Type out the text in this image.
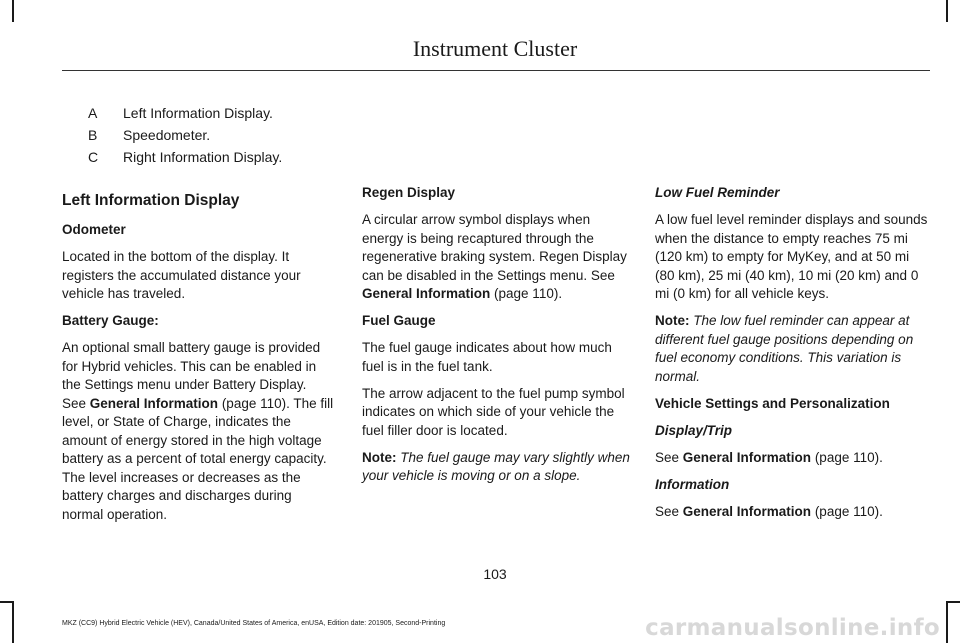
Instrument Cluster
A	Left Information Display.
B	Speedometer.
C	Right Information Display.
Left Information Display
Odometer

Located in the bottom of the display. It registers the accumulated distance your vehicle has traveled.

Battery Gauge:

An optional small battery gauge is provided for Hybrid vehicles. This can be enabled in the Settings menu under Battery Display. See General Information (page 110). The fill level, or State of Charge, indicates the amount of energy stored in the high voltage battery as a percent of total energy capacity. The level increases or decreases as the battery charges and discharges during normal operation.

Regen Display

A circular arrow symbol displays when energy is being recaptured through the regenerative braking system. Regen Display can be disabled in the Settings menu. See General Information (page 110).

Fuel Gauge

The fuel gauge indicates about how much fuel is in the fuel tank.

The arrow adjacent to the fuel pump symbol indicates on which side of your vehicle the fuel filler door is located.

Note: The fuel gauge may vary slightly when your vehicle is moving or on a slope.

Low Fuel Reminder

A low fuel level reminder displays and sounds when the distance to empty reaches 75 mi (120 km) to empty for MyKey, and at 50 mi (80 km), 25 mi (40 km), 10 mi (20 km) and 0 mi (0 km) for all vehicle keys.

Note: The low fuel reminder can appear at different fuel gauge positions depending on fuel economy conditions. This variation is normal.

Vehicle Settings and Personalization
Display/Trip

See General Information (page 110).

Information

See General Information (page 110).

103
MKZ (CC9) Hybrid Electric Vehicle (HEV), Canada/United States of America, enUSA, Edition date: 201905, Second-Printing	carmanualsonline.info
